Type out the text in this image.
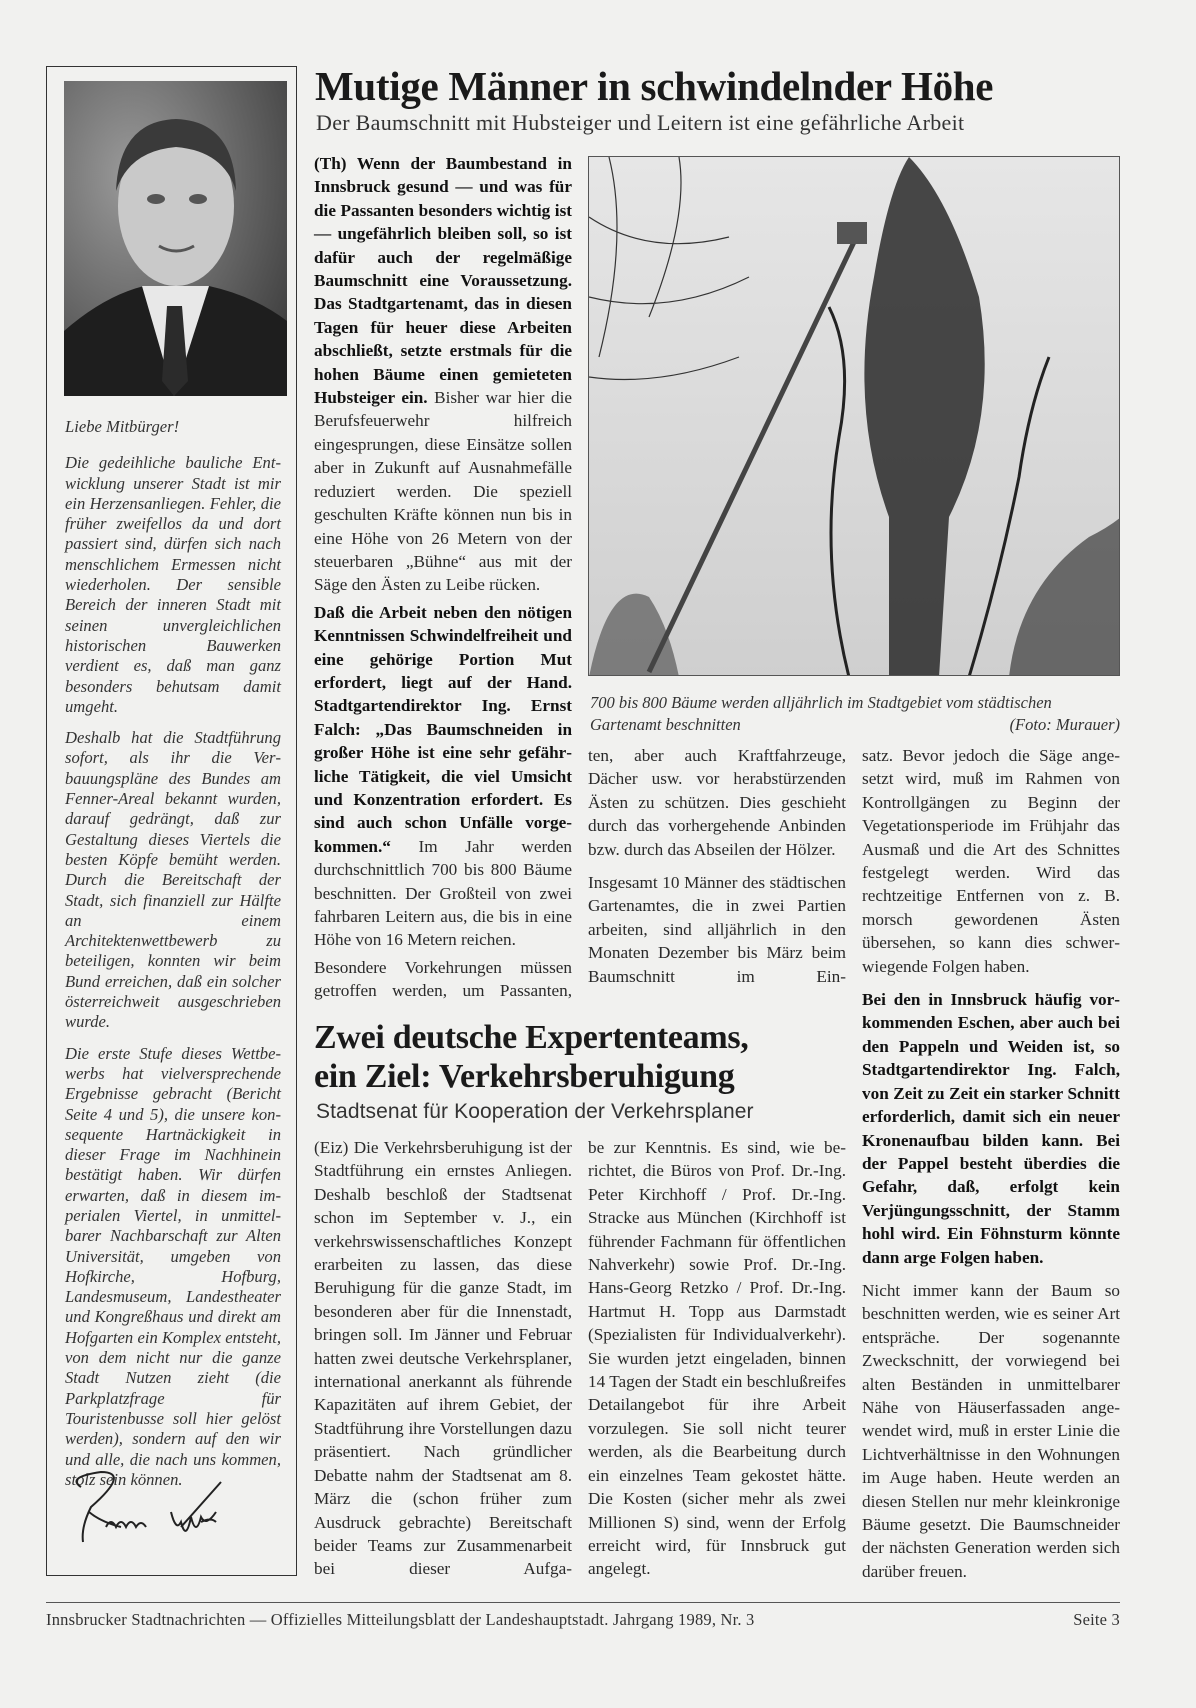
Liebe Mitbürger!

Die gedeihliche bauliche Entwicklung unserer Stadt ist mir ein Herzensanliegen. Fehler, die früher zweifellos da und dort passiert sind, dürfen sich nach menschlichem Ermessen nicht wiederholen. Der sensible Bereich der inneren Stadt mit seinen unvergleichlichen historischen Bauwerken verdient es, daß man ganz besonders behutsam damit umgeht.

Deshalb hat die Stadtführung sofort, als ihr die Verbauungspläne des Bundes am Fenner-Areal bekannt wurden, darauf gedrängt, daß zur Gestaltung dieses Viertels die besten Köpfe bemüht werden. Durch die Bereitschaft der Stadt, sich finanziell zur Hälfte an einem Architektenwettbewerb zu beteiligen, konnten wir beim Bund erreichen, daß ein solcher österreichweit ausgeschrieben wurde.

Die erste Stufe dieses Wettbewerbs hat vielversprechende Ergebnisse gebracht (Bericht Seite 4 und 5), die unsere konsequente Hartnäckigkeit in dieser Frage im Nachhinein bestätigt haben. Wir dürfen erwarten, daß in diesem imperialen Viertel, in unmittelbarer Nachbarschaft zur Alten Universität, umgeben von Hofkirche, Hofburg, Landesmuseum, Landestheater und Kongreßhaus und direkt am Hofgarten ein Komplex entsteht, von dem nicht nur die ganze Stadt Nutzen zieht (die Parkplatzfrage für Touristenbusse soll hier gelöst werden), sondern auf den wir und alle, die nach uns kommen, stolz sein können.

Mutige Männer in schwindelnder Höhe
Der Baumschnitt mit Hubsteiger und Leitern ist eine gefährliche Arbeit

(Th) Wenn der Baumbestand in Innsbruck gesund — und was für die Passanten besonders wichtig ist — ungefährlich bleiben soll, so ist dafür auch der regelmäßige Baumschnitt eine Voraussetzung. Das Stadtgartenamt, das in diesen Tagen für heuer diese Arbeiten abschließt, setzte erstmals für die hohen Bäume einen gemieteten Hubsteiger ein. Bisher war hier die Berufsfeuerwehr hilfreich eingesprungen, diese Einsätze sollen aber in Zukunft auf Ausnahmefälle reduziert werden. Die speziell geschulten Kräfte können nun bis in eine Höhe von 26 Metern von der steuerbaren „Bühne“ aus mit der Säge den Ästen zu Leibe rücken.

Daß die Arbeit neben den nötigen Kenntnissen Schwindelfreiheit und eine gehörige Portion Mut erfordert, liegt auf der Hand. Stadtgartendirektor Ing. Ernst Falch: „Das Baumschneiden in großer Höhe ist eine sehr gefährliche Tätigkeit, die viel Umsicht und Konzentration erfordert. Es sind auch schon Unfälle vorgekommen.“ Im Jahr werden durchschnittlich 700 bis 800 Bäume beschnitten. Der Großteil von zwei fahrbaren Leitern aus, die bis in eine Höhe von 16 Metern reichen.

Besondere Vorkehrungen müssen getroffen werden, um Passanten,

700 bis 800 Bäume werden alljährlich im Stadtgebiet vom städtischen Gartenamt beschnitten	(Foto: Murauer)

ten, aber auch Kraftfahrzeuge, Dächer usw. vor herabstürzenden Ästen zu schützen. Dies geschieht durch das vorhergehende Anbinden bzw. durch das Abseilen der Hölzer.

Insgesamt 10 Männer des städtischen Gartenamtes, die in zwei Partien arbeiten, sind alljährlich in den Monaten Dezember bis März beim Baumschnitt im Ein-

satz. Bevor jedoch die Säge angesetzt wird, muß im Rahmen von Kontrollgängen zu Beginn der Vegetationsperiode im Frühjahr das Ausmaß und die Art des Schnittes festgelegt werden. Wird das rechtzeitige Entfernen von z. B. morsch gewordenen Ästen übersehen, so kann dies schwerwiegende Folgen haben.

Bei den in Innsbruck häufig vorkommenden Eschen, aber auch bei den Pappeln und Weiden ist, so Stadtgartendirektor Ing. Falch, von Zeit zu Zeit ein starker Schnitt erforderlich, damit sich ein neuer Kronenaufbau bilden kann. Bei der Pappel besteht überdies die Gefahr, daß, erfolgt kein Verjüngungsschnitt, der Stamm hohl wird. Ein Föhnsturm könnte dann arge Folgen haben.

Nicht immer kann der Baum so beschnitten werden, wie es seiner Art entspräche. Der sogenannte Zweckschnitt, der vorwiegend bei alten Beständen in unmittelbarer Nähe von Häuserfassaden angewendet wird, muß in erster Linie die Lichtverhältnisse in den Wohnungen im Auge haben. Heute werden an diesen Stellen nur mehr kleinkronige Bäume gesetzt. Die Baumschneider der nächsten Generation werden sich darüber freuen.

Zwei deutsche Expertenteams,
ein Ziel: Verkehrsberuhigung
Stadtsenat für Kooperation der Verkehrsplaner

(Eiz) Die Verkehrsberuhigung ist der Stadtführung ein ernstes Anliegen. Deshalb beschloß der Stadtsenat schon im September v. J., ein verkehrswissenschaftliches Konzept erarbeiten zu lassen, das diese Beruhigung für die ganze Stadt, im besonderen aber für die Innenstadt, bringen soll. Im Jänner und Februar hatten zwei deutsche Verkehrsplaner, international anerkannt als führende Kapazitäten auf ihrem Gebiet, der Stadtführung ihre Vorstellungen dazu präsentiert. Nach gründlicher Debatte nahm der Stadtsenat am 8. März die (schon früher zum Ausdruck gebrachte) Bereitschaft beider Teams zur Zusammenarbeit bei dieser Aufga-

be zur Kenntnis. Es sind, wie berichtet, die Büros von Prof. Dr.-Ing. Peter Kirchhoff / Prof. Dr.-Ing. Stracke aus München (Kirchhoff ist führender Fachmann für öffentlichen Nahverkehr) sowie Prof. Dr.-Ing. Hans-Georg Retzko / Prof. Dr.-Ing. Hartmut H. Topp aus Darmstadt (Spezialisten für Individualverkehr). Sie wurden jetzt eingeladen, binnen 14 Tagen der Stadt ein beschlußreifes Detailangebot für ihre Arbeit vorzulegen. Sie soll nicht teurer werden, als die Bearbeitung durch ein einzelnes Team gekostet hätte. Die Kosten (sicher mehr als zwei Millionen S) sind, wenn der Erfolg erreicht wird, für Innsbruck gut angelegt.

Innsbrucker Stadtnachrichten — Offizielles Mitteilungsblatt der Landeshauptstadt. Jahrgang 1989, Nr. 3	Seite 3
